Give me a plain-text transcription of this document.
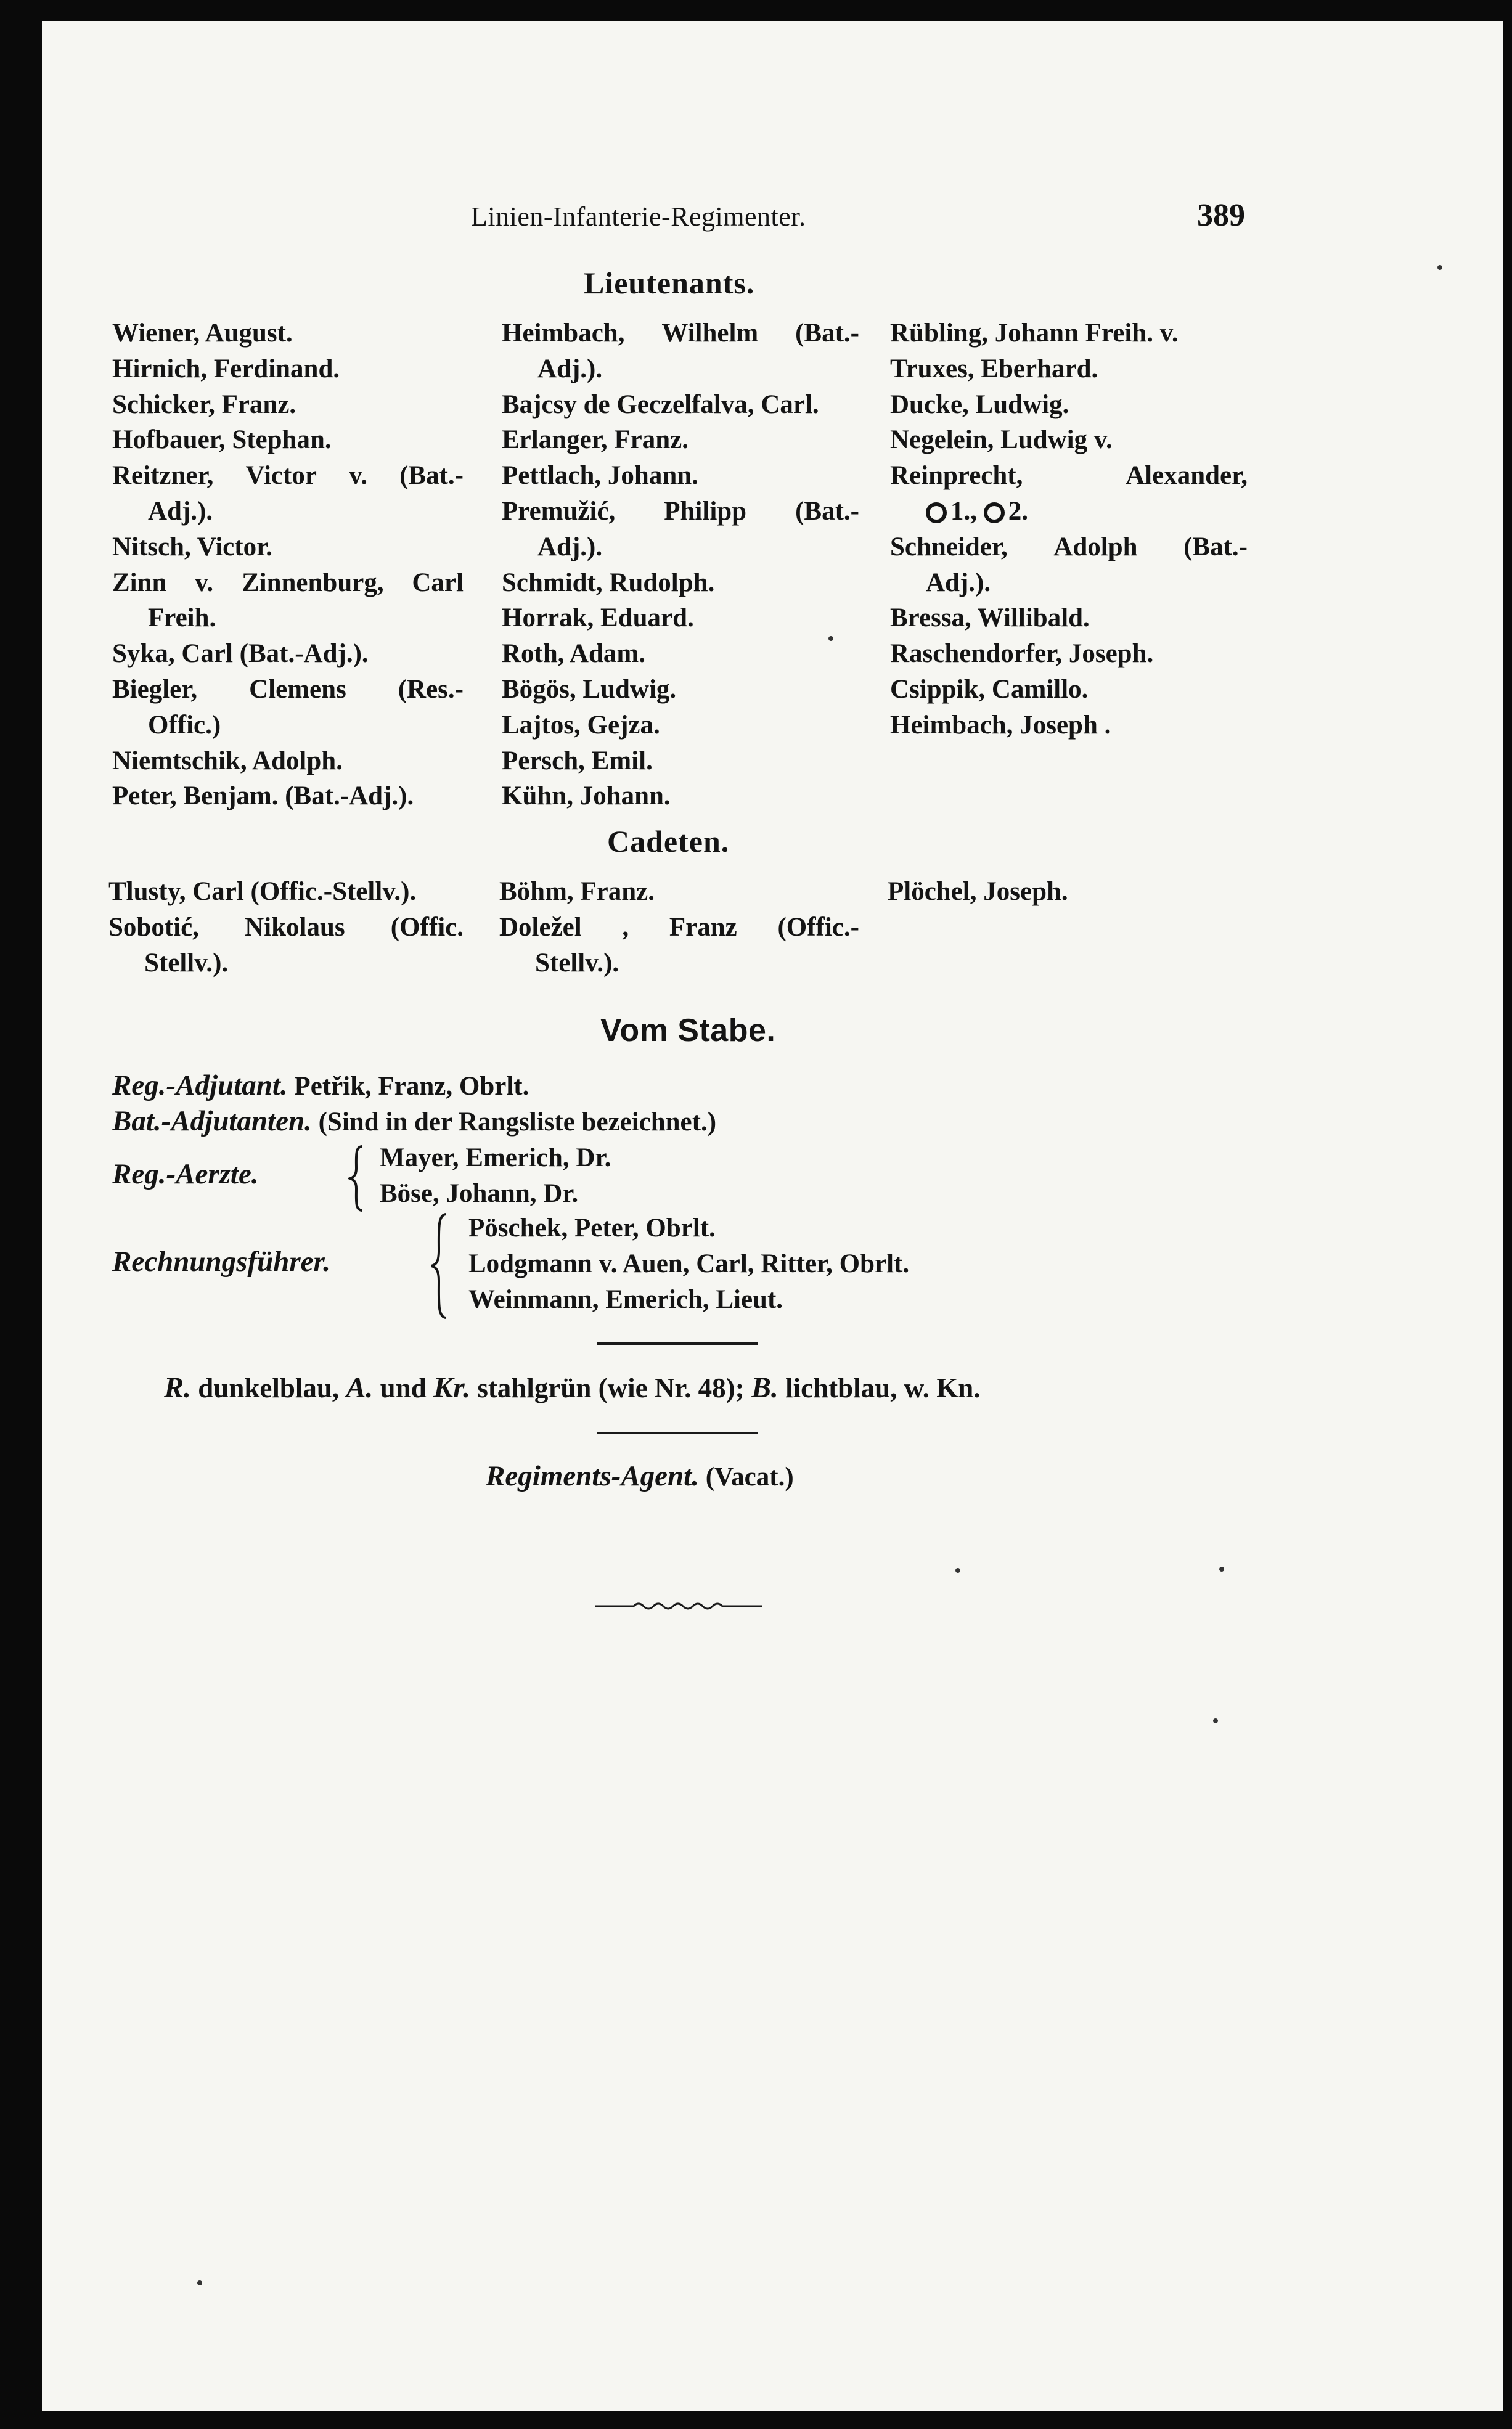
Linien-Infanterie-Regimenter.	389
Lieutenants.
Wiener, August.
Hirnich, Ferdinand.
Schicker, Franz.
Hofbauer, Stephan.
Reitzner, Victor v. (Bat.-
Adj.).
Nitsch, Victor.
Zinn v. Zinnenburg, Carl
Freih.
Syka, Carl (Bat.-Adj.).
Biegler, Clemens (Res.-
Offic.)
Niemtschik, Adolph.
Peter, Benjam. (Bat.-Adj.).
Heimbach, Wilhelm (Bat.-
Adj.).
Bajcsy de Geczelfalva, Carl.
Erlanger, Franz.
Pettlach, Johann.
Premužić, Philipp (Bat.-
Adj.).
Schmidt, Rudolph.
Horrak, Eduard.
Roth, Adam.
Bögös, Ludwig.
Lajtos, Gejza.
Persch, Emil.
Kühn, Johann.
Rübling, Johann Freih. v.
Truxes, Eberhard.
Ducke, Ludwig.
Negelein, Ludwig v.
Reinprecht,	Alexander,
1., 2.
Schneider, Adolph (Bat.-
Adj.).
Bressa, Willibald.
Raschendorfer, Joseph.
Csippik, Camillo.
Heimbach, Joseph .
Cadeten.
Tlusty, Carl (Offic.-Stellv.).
Sobotić, Nikolaus (Offic.
Stellv.).
Böhm, Franz.
Doležel , Franz (Offic.-
Stellv.).
Plöchel, Joseph.
Vom Stabe.
Reg.-Adjutant. Petřik, Franz, Obrlt.
Bat.-Adjutanten. (Sind in der Rangsliste bezeichnet.)
Reg.-Aerzte.
Mayer, Emerich, Dr.
Böse, Johann, Dr.
Rechnungsführer.
Pöschek, Peter, Obrlt.
Lodgmann v. Auen, Carl, Ritter, Obrlt.
Weinmann, Emerich, Lieut.
R. dunkelblau, A. und Kr. stahlgrün (wie Nr. 48); B. lichtblau, w. Kn.
Regiments-Agent. (Vacat.)
